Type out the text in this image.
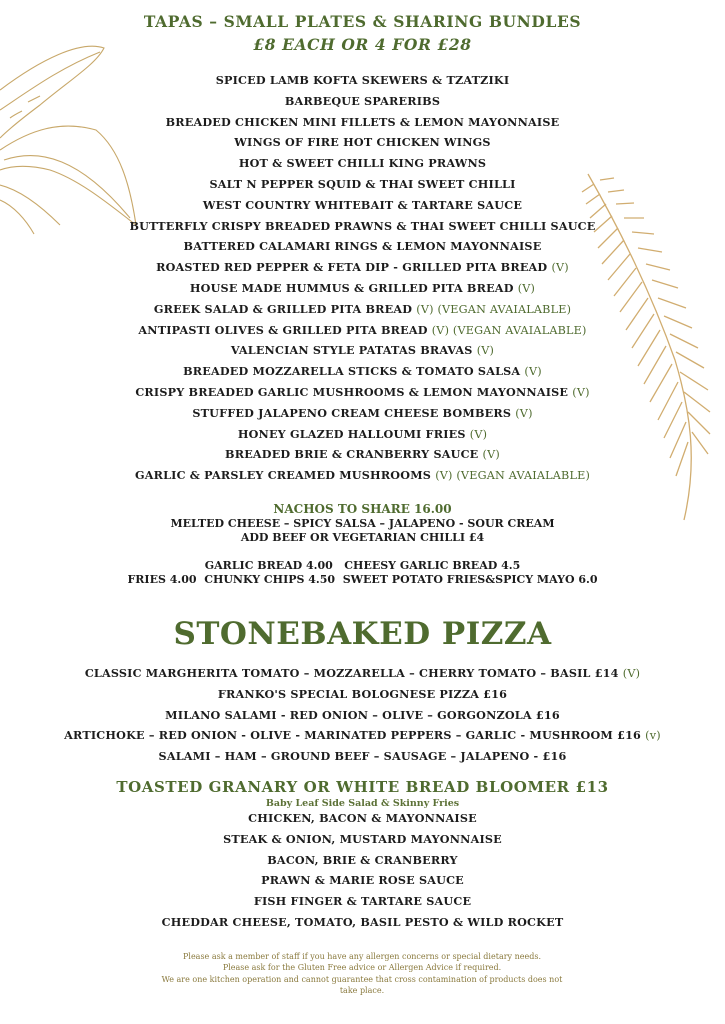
TAPAS – SMALL PLATES & SHARING BUNDLES
£8 EACH OR 4 FOR £28
SPICED LAMB KOFTA SKEWERS & TZATZIKI
BARBEQUE SPARERIBS
BREADED CHICKEN MINI FILLETS & LEMON MAYONNAISE
WINGS OF FIRE HOT CHICKEN WINGS
HOT & SWEET CHILLI KING PRAWNS
SALT N PEPPER SQUID & THAI SWEET CHILLI
WEST COUNTRY WHITEBAIT & TARTARE SAUCE
BUTTERFLY CRISPY BREADED PRAWNS & THAI SWEET CHILLI SAUCE
BATTERED CALAMARI RINGS & LEMON MAYONNAISE
ROASTED RED PEPPER & FETA DIP - GRILLED PITA BREAD (V)
HOUSE MADE HUMMUS & GRILLED PITA BREAD (V)
GREEK SALAD & GRILLED PITA BREAD (V) (VEGAN AVAIALABLE)
ANTIPASTI OLIVES & GRILLED PITA BREAD (V) (VEGAN AVAIALABLE)
VALENCIAN STYLE PATATAS BRAVAS (V)
BREADED MOZZARELLA STICKS & TOMATO SALSA (V)
CRISPY BREADED GARLIC MUSHROOMS & LEMON MAYONNAISE (V)
STUFFED JALAPENO CREAM CHEESE BOMBERS (V)
HONEY GLAZED HALLOUMI FRIES (V)
BREADED BRIE & CRANBERRY SAUCE (V)
GARLIC & PARSLEY CREAMED MUSHROOMS (V) (VEGAN AVAIALABLE)
NACHOS TO SHARE 16.00
MELTED CHEESE – SPICY SALSA – JALAPENO - SOUR CREAM
ADD BEEF OR VEGETARIAN CHILLI £4
GARLIC BREAD 4.00   CHEESY GARLIC BREAD 4.5
FRIES 4.00  CHUNKY CHIPS 4.50  SWEET POTATO FRIES&SPICY MAYO 6.0
STONEBAKED PIZZA
CLASSIC MARGHERITA TOMATO – MOZZARELLA – CHERRY TOMATO – BASIL £14 (V)
FRANKO'S SPECIAL BOLOGNESE PIZZA £16
MILANO SALAMI - RED ONION – OLIVE – GORGONZOLA £16
ARTICHOKE – RED ONION - OLIVE - MARINATED PEPPERS – GARLIC - MUSHROOM £16 (v)
SALAMI – HAM – GROUND BEEF – SAUSAGE – JALAPENO - £16
TOASTED GRANARY OR WHITE BREAD BLOOMER £13
Baby Leaf Side Salad & Skinny Fries
CHICKEN, BACON & MAYONNAISE
STEAK & ONION, MUSTARD MAYONNAISE
BACON, BRIE & CRANBERRY
PRAWN & MARIE ROSE SAUCE
FISH FINGER & TARTARE SAUCE
CHEDDAR CHEESE, TOMATO, BASIL PESTO & WILD ROCKET
Please ask a member of staff if you have any allergen concerns or special dietary needs.
Please ask for the Gluten Free advice or Allergen Advice if required.
We are one kitchen operation and cannot guarantee that cross contamination of products does not take place.
